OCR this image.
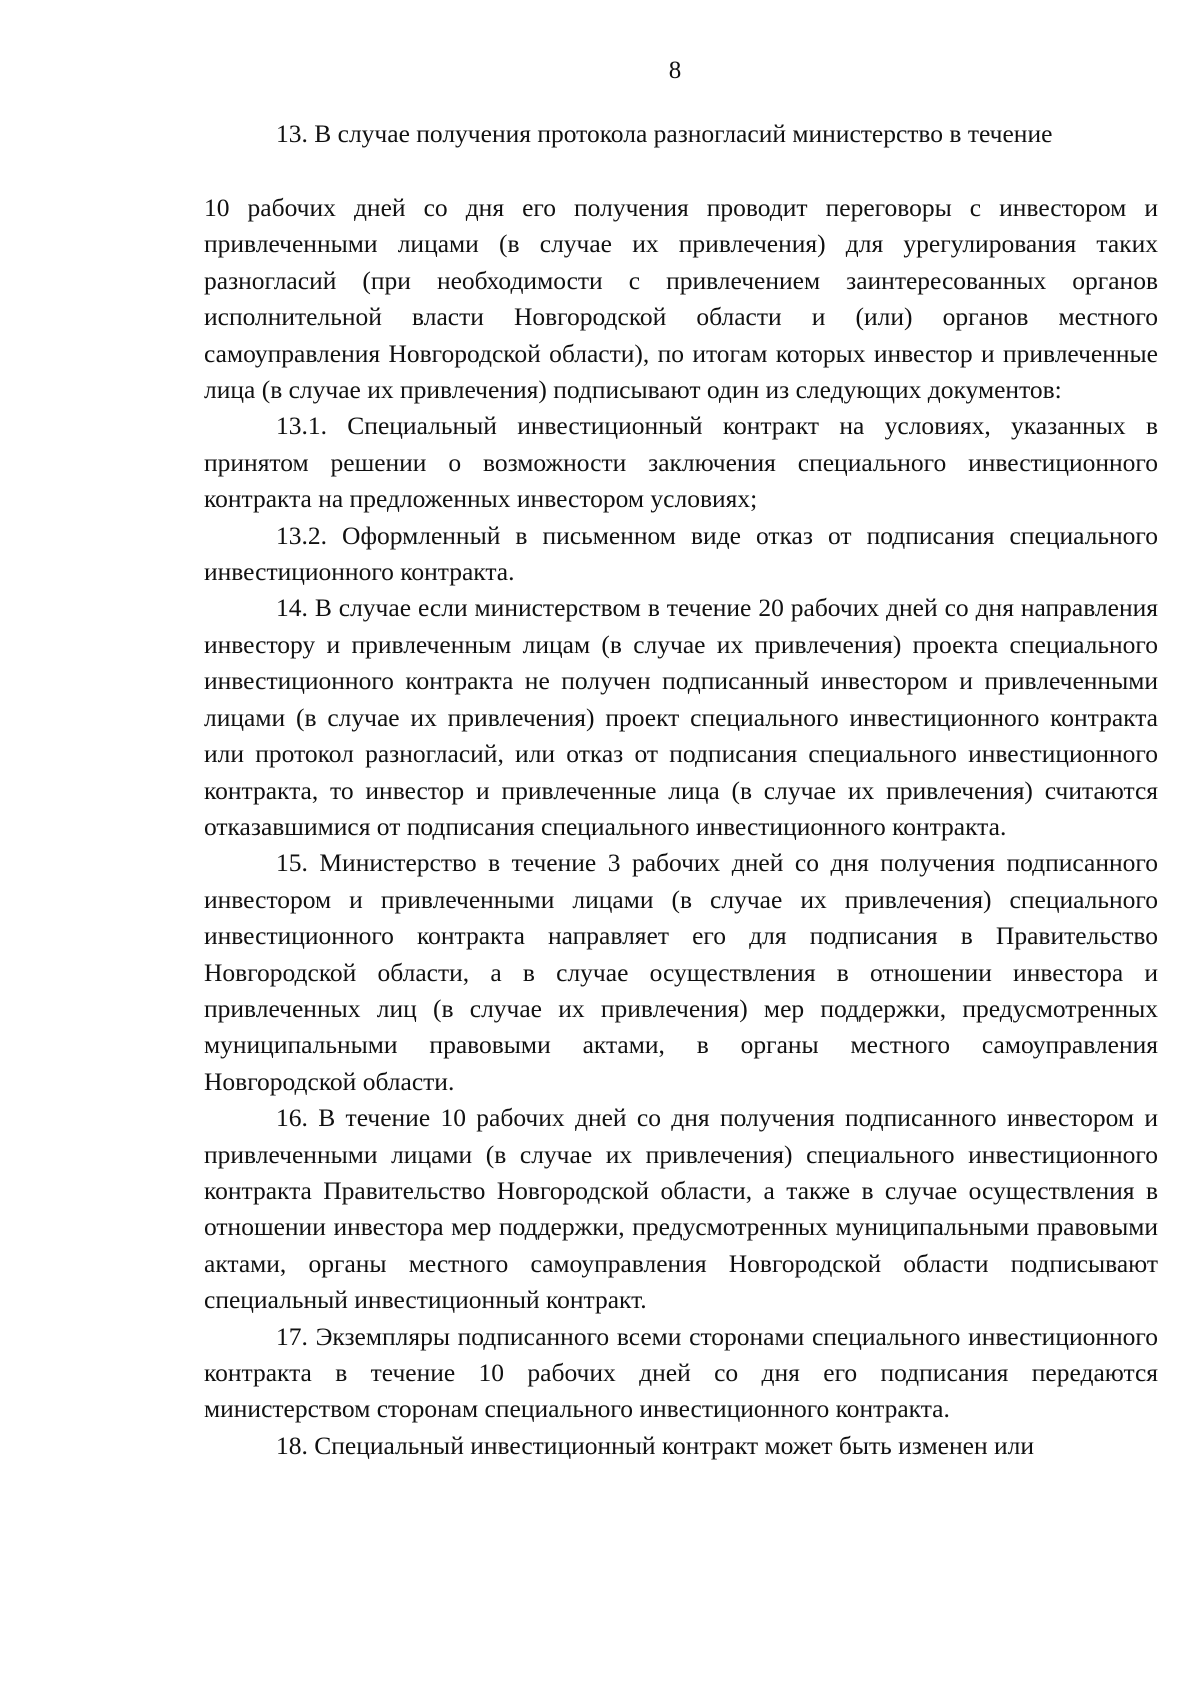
8

13. В случае получения протокола разногласий министерство в течение

10 рабочих дней со дня его получения проводит переговоры с инвестором и привлеченными лицами (в случае их привлечения) для урегулирования таких разногласий (при необходимости с привлечением заинтересованных органов исполнительной власти Новгородской области и (или) органов местного самоуправления Новгородской области), по итогам которых инвестор и привлеченные лица (в случае их привлечения) подписывают один из следующих документов:

13.1. Специальный инвестиционный контракт на условиях, указанных в принятом решении о возможности заключения специального инвестиционного контракта на предложенных инвестором условиях;

13.2. Оформленный в письменном виде отказ от подписания специального инвестиционного контракта.

14. В случае если министерством в течение 20 рабочих дней со дня направления инвестору и привлеченным лицам (в случае их привлечения) проекта специального инвестиционного контракта не получен подписанный инвестором и привлеченными лицами (в случае их привлечения) проект специального инвестиционного контракта или протокол разногласий, или отказ от подписания специального инвестиционного контракта, то инвестор и привлеченные лица (в случае их привлечения) считаются отказавшимися от подписания специального инвестиционного контракта.

15. Министерство в течение 3 рабочих дней со дня получения подписанного инвестором и привлеченными лицами (в случае их привлечения) специального инвестиционного контракта направляет его для подписания в Правительство Новгородской области, а в случае осуществления в отношении инвестора и привлеченных лиц (в случае их привлечения) мер поддержки, предусмотренных муниципальными правовыми актами, в органы местного самоуправления Новгородской области.

16. В течение 10 рабочих дней со дня получения подписанного инвестором и привлеченными лицами (в случае их привлечения) специального инвестиционного контракта Правительство Новгородской области, а также в случае осуществления в отношении инвестора мер поддержки, предусмотренных муниципальными правовыми актами, органы местного самоуправления Новгородской области подписывают специальный инвестиционный контракт.

17. Экземпляры подписанного всеми сторонами специального инвестиционного контракта в течение 10 рабочих дней со дня его подписания передаются министерством сторонам специального инвестиционного контракта.

18. Специальный инвестиционный контракт может быть изменен или
